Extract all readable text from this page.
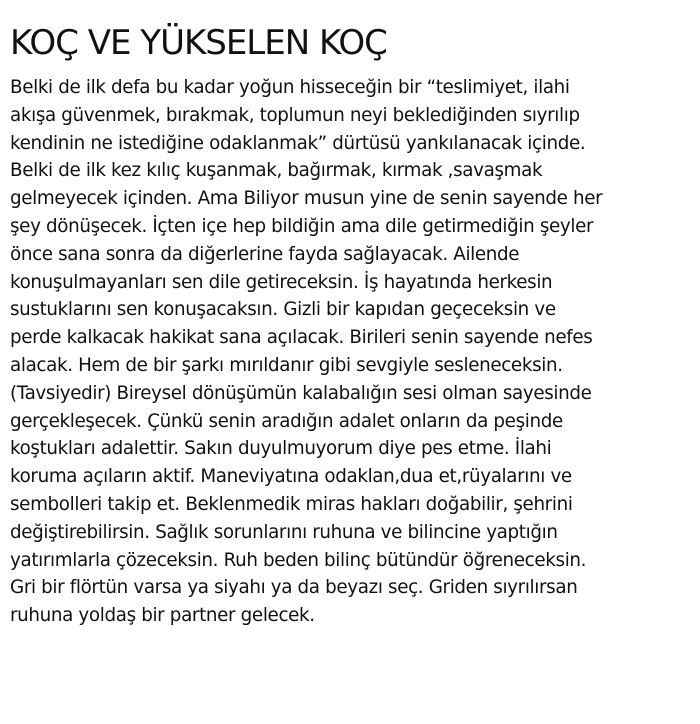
KOÇ VE YÜKSELEN KOÇ
Belki de ilk defa bu kadar yoğun hisseceğin bir “teslimiyet, ilahi
akışa güvenmek, bırakmak, toplumun neyi beklediğinden sıyrılıp
kendinin ne istediğine odaklanmak” dürtüsü yankılanacak içinde.
Belki de ilk kez kılıç kuşanmak, bağırmak, kırmak ,savaşmak
gelmeyecek içinden. Ama Biliyor musun yine de senin sayende her
şey dönüşecek. İçten içe hep bildiğin ama dile getirmediğin şeyler
önce sana sonra da diğerlerine fayda sağlayacak. Ailende
konuşulmayanları sen dile getireceksin. İş hayatında herkesin
sustuklarını sen konuşacaksın. Gizli bir kapıdan geçeceksin ve
perde kalkacak hakikat sana açılacak. Birileri senin sayende nefes
alacak. Hem de bir şarkı mırıldanır gibi sevgiyle sesleneceksin.
(Tavsiyedir) Bireysel dönüşümün kalabalığın sesi olman sayesinde
gerçekleşecek. Çünkü senin aradığın adalet onların da peşinde
koştukları adalettir. Sakın duyulmuyorum diye pes etme. İlahi
koruma açıların aktif. Maneviyatına odaklan,dua et,rüyalarını ve
sembolleri takip et. Beklenmedik miras hakları doğabilir, şehrini
değiştirebilirsin. Sağlık sorunlarını ruhuna ve bilincine yaptığın
yatırımlarla çözeceksin. Ruh beden bilinç bütündür öğreneceksin.
Gri bir flörtün varsa ya siyahı ya da beyazı seç. Griden sıyrılırsan
ruhuna yoldaş bir partner gelecek.
